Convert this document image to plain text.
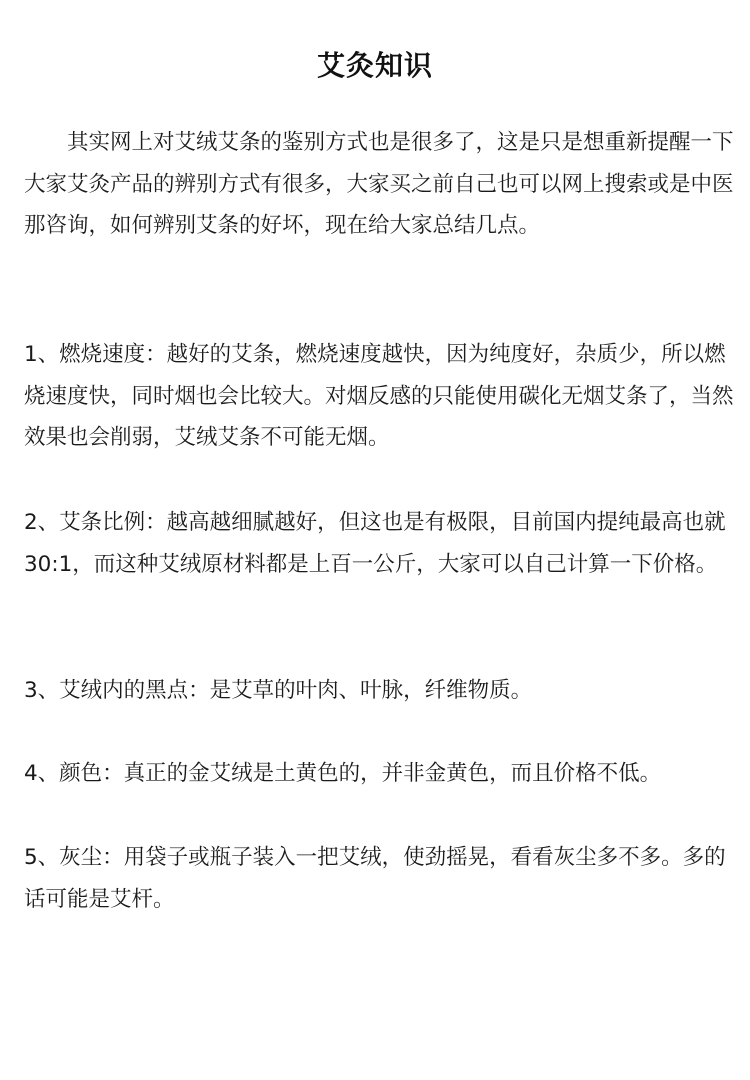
艾灸知识

其实网上对艾绒艾条的鉴别方式也是很多了，这是只是想重新提醒一下大家艾灸产品的辨别方式有很多，大家买之前自己也可以网上搜索或是中医那咨询，如何辨别艾条的好坏，现在给大家总结几点。

1、燃烧速度：越好的艾条，燃烧速度越快，因为纯度好，杂质少，所以燃烧速度快，同时烟也会比较大。对烟反感的只能使用碳化无烟艾条了，当然效果也会削弱，艾绒艾条不可能无烟。

2、艾条比例：越高越细腻越好，但这也是有极限，目前国内提纯最高也就30:1，而这种艾绒原材料都是上百一公斤，大家可以自己计算一下价格。

3、艾绒内的黑点：是艾草的叶肉、叶脉，纤维物质。

4、颜色：真正的金艾绒是土黄色的，并非金黄色，而且价格不低。

5、灰尘：用袋子或瓶子装入一把艾绒，使劲摇晃，看看灰尘多不多。多的话可能是艾杆。
